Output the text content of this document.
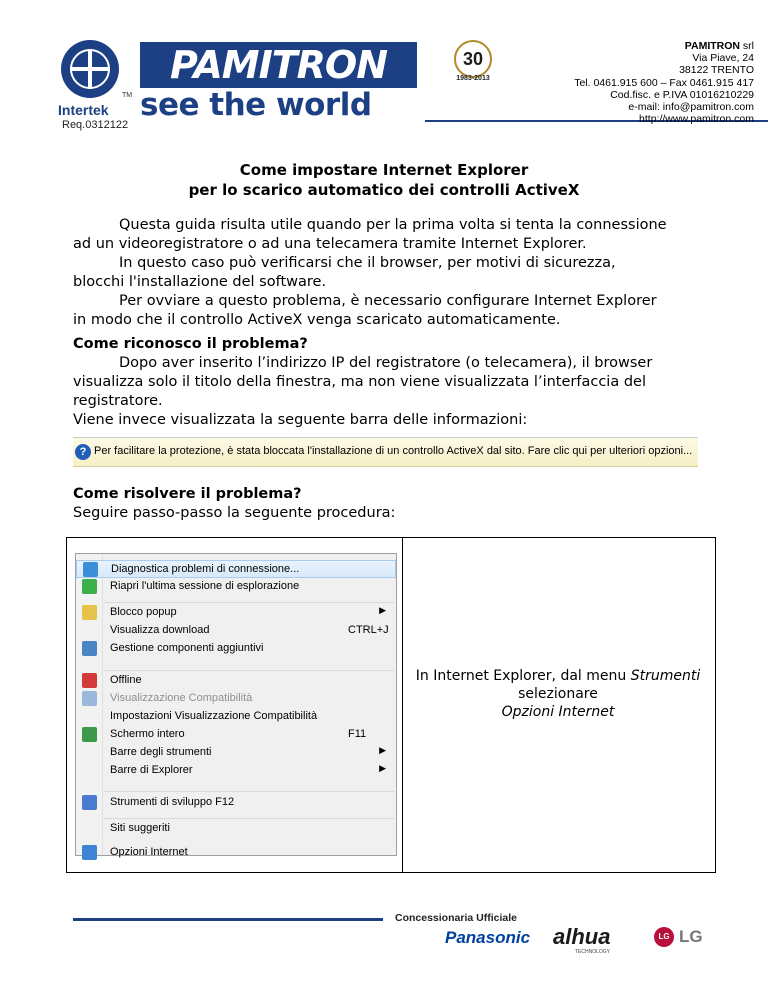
TM
Intertek
Req.0312122
PAMITRON
see the world
30
1983-2013
PAMITRON srl
Via Piave, 24
38122 TRENTO
Tel. 0461.915 600 – Fax 0461.915 417
Cod.fisc. e P.IVA 01016210229
e-mail: info@pamitron.com
http://www.pamitron.com
Come impostare Internet Explorer
per lo scarico automatico dei controlli ActiveX
Questa guida risulta utile quando per la prima volta si tenta la connessione
ad un videoregistratore o ad una telecamera tramite Internet Explorer.
In questo caso può verificarsi che il browser, per motivi di sicurezza,
blocchi l'installazione del software.
Per ovviare a questo problema, è necessario configurare Internet Explorer
in modo che il controllo ActiveX venga scaricato automaticamente.
Come riconosco il problema?
Dopo aver inserito l’indirizzo IP del registratore (o telecamera), il browser
visualizza solo il titolo della finestra, ma non viene visualizzata l’interfaccia del
registratore.
Viene invece visualizzata la seguente barra delle informazioni:
? Per facilitare la protezione, è stata bloccata l'installazione di un controllo ActiveX dal sito. Fare clic qui per ulteriori opzioni...
Come risolvere il problema?
Seguire passo-passo la seguente procedura:
Diagnostica problemi di connessione...
Riapri l'ultima sessione di esplorazione
Blocco popup	▶
Visualizza download	CTRL+J
Gestione componenti aggiuntivi
Offline
Visualizzazione Compatibilità
Impostazioni Visualizzazione Compatibilità
Schermo intero	F11
Barre degli strumenti	▶
Barre di Explorer	▶
Strumenti di sviluppo F12
Siti suggeriti
Opzioni Internet
In Internet Explorer, dal menu Strumenti selezionare
Opzioni Internet
Concessionaria Ufficiale
Panasonic alhua
TECHNOLOGY
LG LG
